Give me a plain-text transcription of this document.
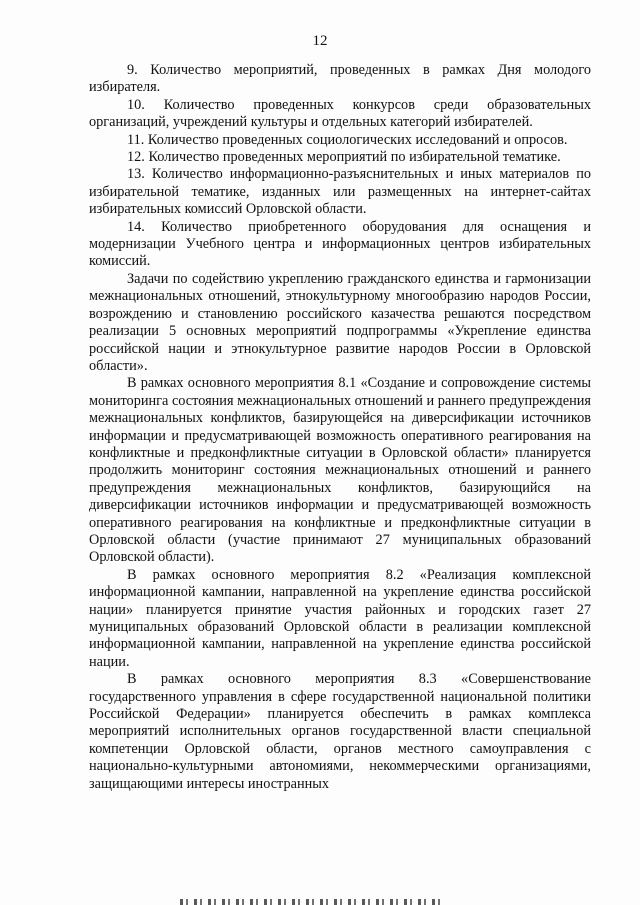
12

9. Количество мероприятий, проведенных в рамках Дня молодого избирателя.

10. Количество проведенных конкурсов среди образовательных организаций, учреждений культуры и отдельных категорий избирателей.

11. Количество проведенных социологических исследований и опросов.

12. Количество проведенных мероприятий по избирательной тематике.

13. Количество информационно-разъяснительных и иных материалов по избирательной тематике, изданных или размещенных на интернет-сайтах избирательных комиссий Орловской области.

14. Количество приобретенного оборудования для оснащения и модернизации Учебного центра и информационных центров избирательных комиссий.

Задачи по содействию укреплению гражданского единства и гармонизации межнациональных отношений, этнокультурному многообразию народов России, возрождению и становлению российского казачества решаются посредством реализации 5 основных мероприятий подпрограммы «Укрепление единства российской нации и этнокультурное развитие народов России в Орловской области».

В рамках основного мероприятия 8.1 «Создание и сопровождение системы мониторинга состояния межнациональных отношений и раннего предупреждения межнациональных конфликтов, базирующейся на диверсификации источников информации и предусматривающей возможность оперативного реагирования на конфликтные и предконфликтные ситуации в Орловской области» планируется продолжить мониторинг состояния межнациональных отношений и раннего предупреждения межнациональных конфликтов, базирующийся на диверсификации источников информации и предусматривающей возможность оперативного реагирования на конфликтные и предконфликтные ситуации в Орловской области (участие принимают 27 муниципальных образований Орловской области).

В рамках основного мероприятия 8.2 «Реализация комплексной информационной кампании, направленной на укрепление единства российской нации» планируется принятие участия районных и городских газет 27 муниципальных образований Орловской области в реализации комплексной информационной кампании, направленной на укрепление единства российской нации.

В рамках основного мероприятия 8.3 «Совершенствование государственного управления в сфере государственной национальной политики Российской Федерации» планируется обеспечить в рамках комплекса мероприятий исполнительных органов государственной власти специальной компетенции Орловской области, органов местного самоуправления с национально-культурными автономиями, некоммерческими организациями, защищающими интересы иностранных
